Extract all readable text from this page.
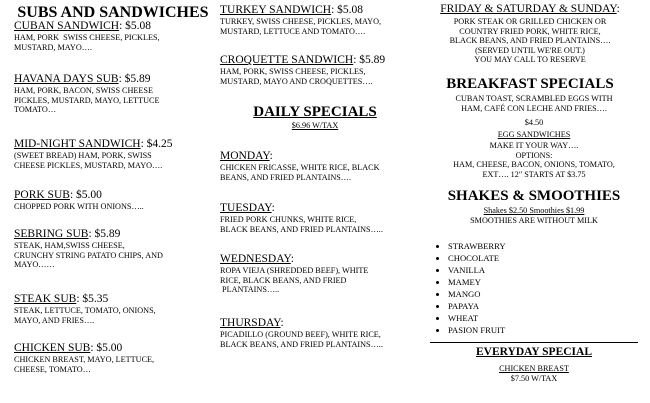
SUBS AND SANDWICHES
CUBAN SANDWICH: $5.08
HAM, PORK  SWISS CHEESE, PICKLES,
MUSTARD, MAYO….
HAVANA DAYS SUB: $5.89
HAM, PORK, BACON, SWISS CHEESE
PICKLES, MUSTARD, MAYO, LETTUCE
TOMATO…
MID-NIGHT SANDWICH: $4.25
(SWEET BREAD) HAM, PORK, SWISS
CHEESE PICKLES, MUSTARD, MAYO….
PORK SUB: $5.00
CHOPPED PORK WITH ONIONS…..
SEBRING SUB: $5.89
STEAK, HAM,SWISS CHEESE,
CRUNCHY STRING PATATO CHIPS, AND
MAYO……
STEAK SUB: $5.35
STEAK, LETTUCE, TOMATO, ONIONS,
MAYO, AND FRIES….
CHICKEN SUB: $5.00
CHICKEN BREAST, MAYO, LETTUCE,
CHEESE, TOMATO…
TURKEY SANDWICH: $5.08
TURKEY, SWISS CHEESE, PICKLES, MAYO,
MUSTARD, LETTUCE AND TOMATO….
CROQUETTE SANDWICH: $5.89
HAM, PORK, SWISS CHEESE, PICKLES,
MUSTARD, MAYO AND CROQUETTES….
DAILY SPECIALS
$6.96 W/TAX
MONDAY:
CHICKEN FRICASSE, WHITE RICE, BLACK
BEANS, AND FRIED PLANTAINS….
TUESDAY:
FRIED PORK CHUNKS, WHITE RICE,
BLACK BEANS, AND FRIED PLANTAINS…..
WEDNESDAY:
ROPA VIEJA (SHREDDED BEEF), WHITE
RICE, BLACK BEANS, AND FRIED
PLANTAINS…..
THURSDAY:
PICADILLO (GROUND BEEF), WHITE RICE,
BLACK BEANS, AND FRIED PLANTAINS…..
FRIDAY & SATURDAY & SUNDAY:
PORK STEAK OR GRILLED CHICKEN OR
COUNTRY FRIED PORK, WHITE RICE,
BLACK BEANS, AND FRIED PLANTAINS….
(SERVED UNTIL WE'RE OUT.)
YOU MAY CALL TO RESERVE
BREAKFAST SPECIALS
CUBAN TOAST, SCRAMBLED EGGS WITH
HAM, CAFÉ CON LECHE AND FRIES….
$4.50
EGG SANDWICHES
MAKE IT YOUR WAY….
OPTIONS:
HAM, CHEESE, BACON, ONIONS, TOMATO,
EXT…. 12" STARTS AT $3.75
SHAKES & SMOOTHIES
Shakes $2.50 Smoothies $1.99
SMOOTHIES ARE WITHOUT MILK
• STRAWBERRY
• CHOCOLATE
• VANILLA
• MAMEY
• MANGO
• PAPAYA
• WHEAT
• PASION FRUIT
EVERYDAY SPECIAL
CHICKEN BREAST
$7.50 W/TAX
